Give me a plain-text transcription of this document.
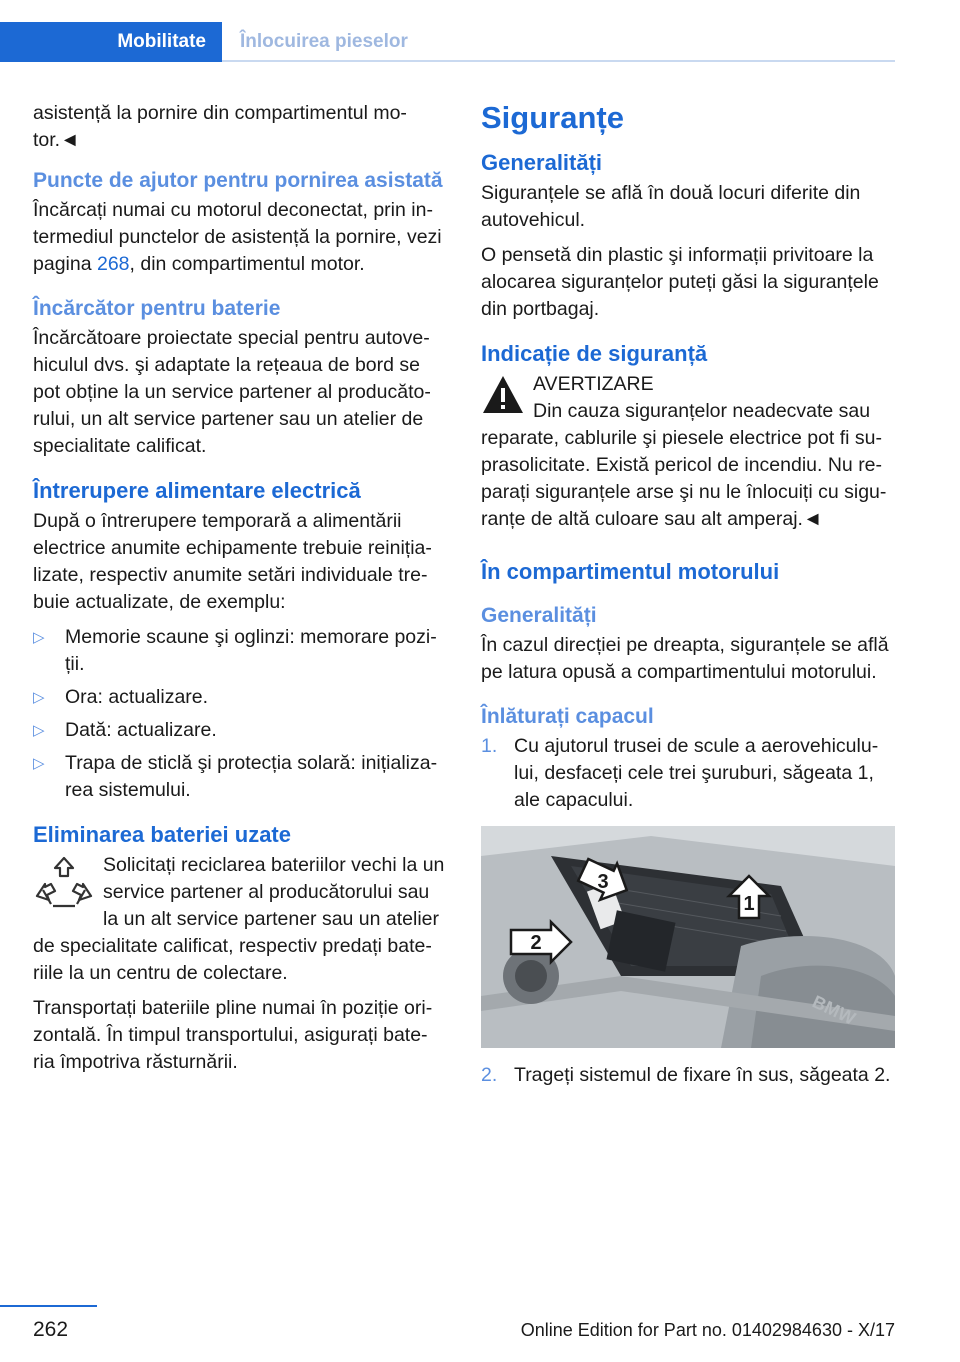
Mobilitate	Înlocuirea pieselor

asistență la pornire din compartimentul mo-tor.◄

Puncte de ajutor pentru pornirea asistată

Încărcați numai cu motorul deconectat, prin in-termediul punctelor de asistență la pornire, vezi pagina 268, din compartimentul motor.

Încărcător pentru baterie

Încărcătoare proiectate special pentru autove-hiculul dvs. şi adaptate la rețeaua de bord se pot obține la un service partener al producăto-rului, un alt service partener sau un atelier de specialitate calificat.

Întrerupere alimentare electrică

După o întrerupere temporară a alimentării electrice anumite echipamente trebuie reiniția-lizate, respectiv anumite setări individuale tre-buie actualizate, de exemplu:

▷ Memorie scaune şi oglinzi: memorare pozi-ții.
▷ Ora: actualizare.
▷ Dată: actualizare.
▷ Trapa de sticlă şi protecția solară: inițializa-rea sistemului.
Eliminarea bateriei uzate

Solicitați reciclarea bateriilor vechi la un service partener al producătorului sau la un alt service partener sau un atelier de specialitate calificat, respectiv predați bate-riile la un centru de colectare.

Transportați bateriile pline numai în poziție ori-zontală. În timpul transportului, asigurați bate-ria împotriva răsturnării.

Siguranțe
Generalități

Siguranțele se află în două locuri diferite din autovehicul.

O pensetă din plastic şi informații privitoare la alocarea siguranțelor puteți găsi la siguranțele din portbagaj.

Indicație de siguranță

AVERTIZARE

Din cauza siguranțelor neadecvate sau reparate, cablurile şi piesele electrice pot fi su-prasolicitate. Există pericol de incendiu. Nu re-parați siguranțele arse şi nu le înlocuiți cu sigu-ranțe de altă culoare sau alt amperaj.◄

În compartimentul motorului
Generalități

În cazul direcției pe dreapta, siguranțele se află pe latura opusă a compartimentului motorului.

Înlăturați capacul
1. Cu ajutorul trusei de scule a aerovehiculu-lui, desfaceți cele trei şuruburi, săgeata 1, ale capacului.
1
2
3
BMW
2. Trageți sistemul de fixare în sus, săgeata 2.
262	Online Edition for Part no. 01402984630 - X/17
